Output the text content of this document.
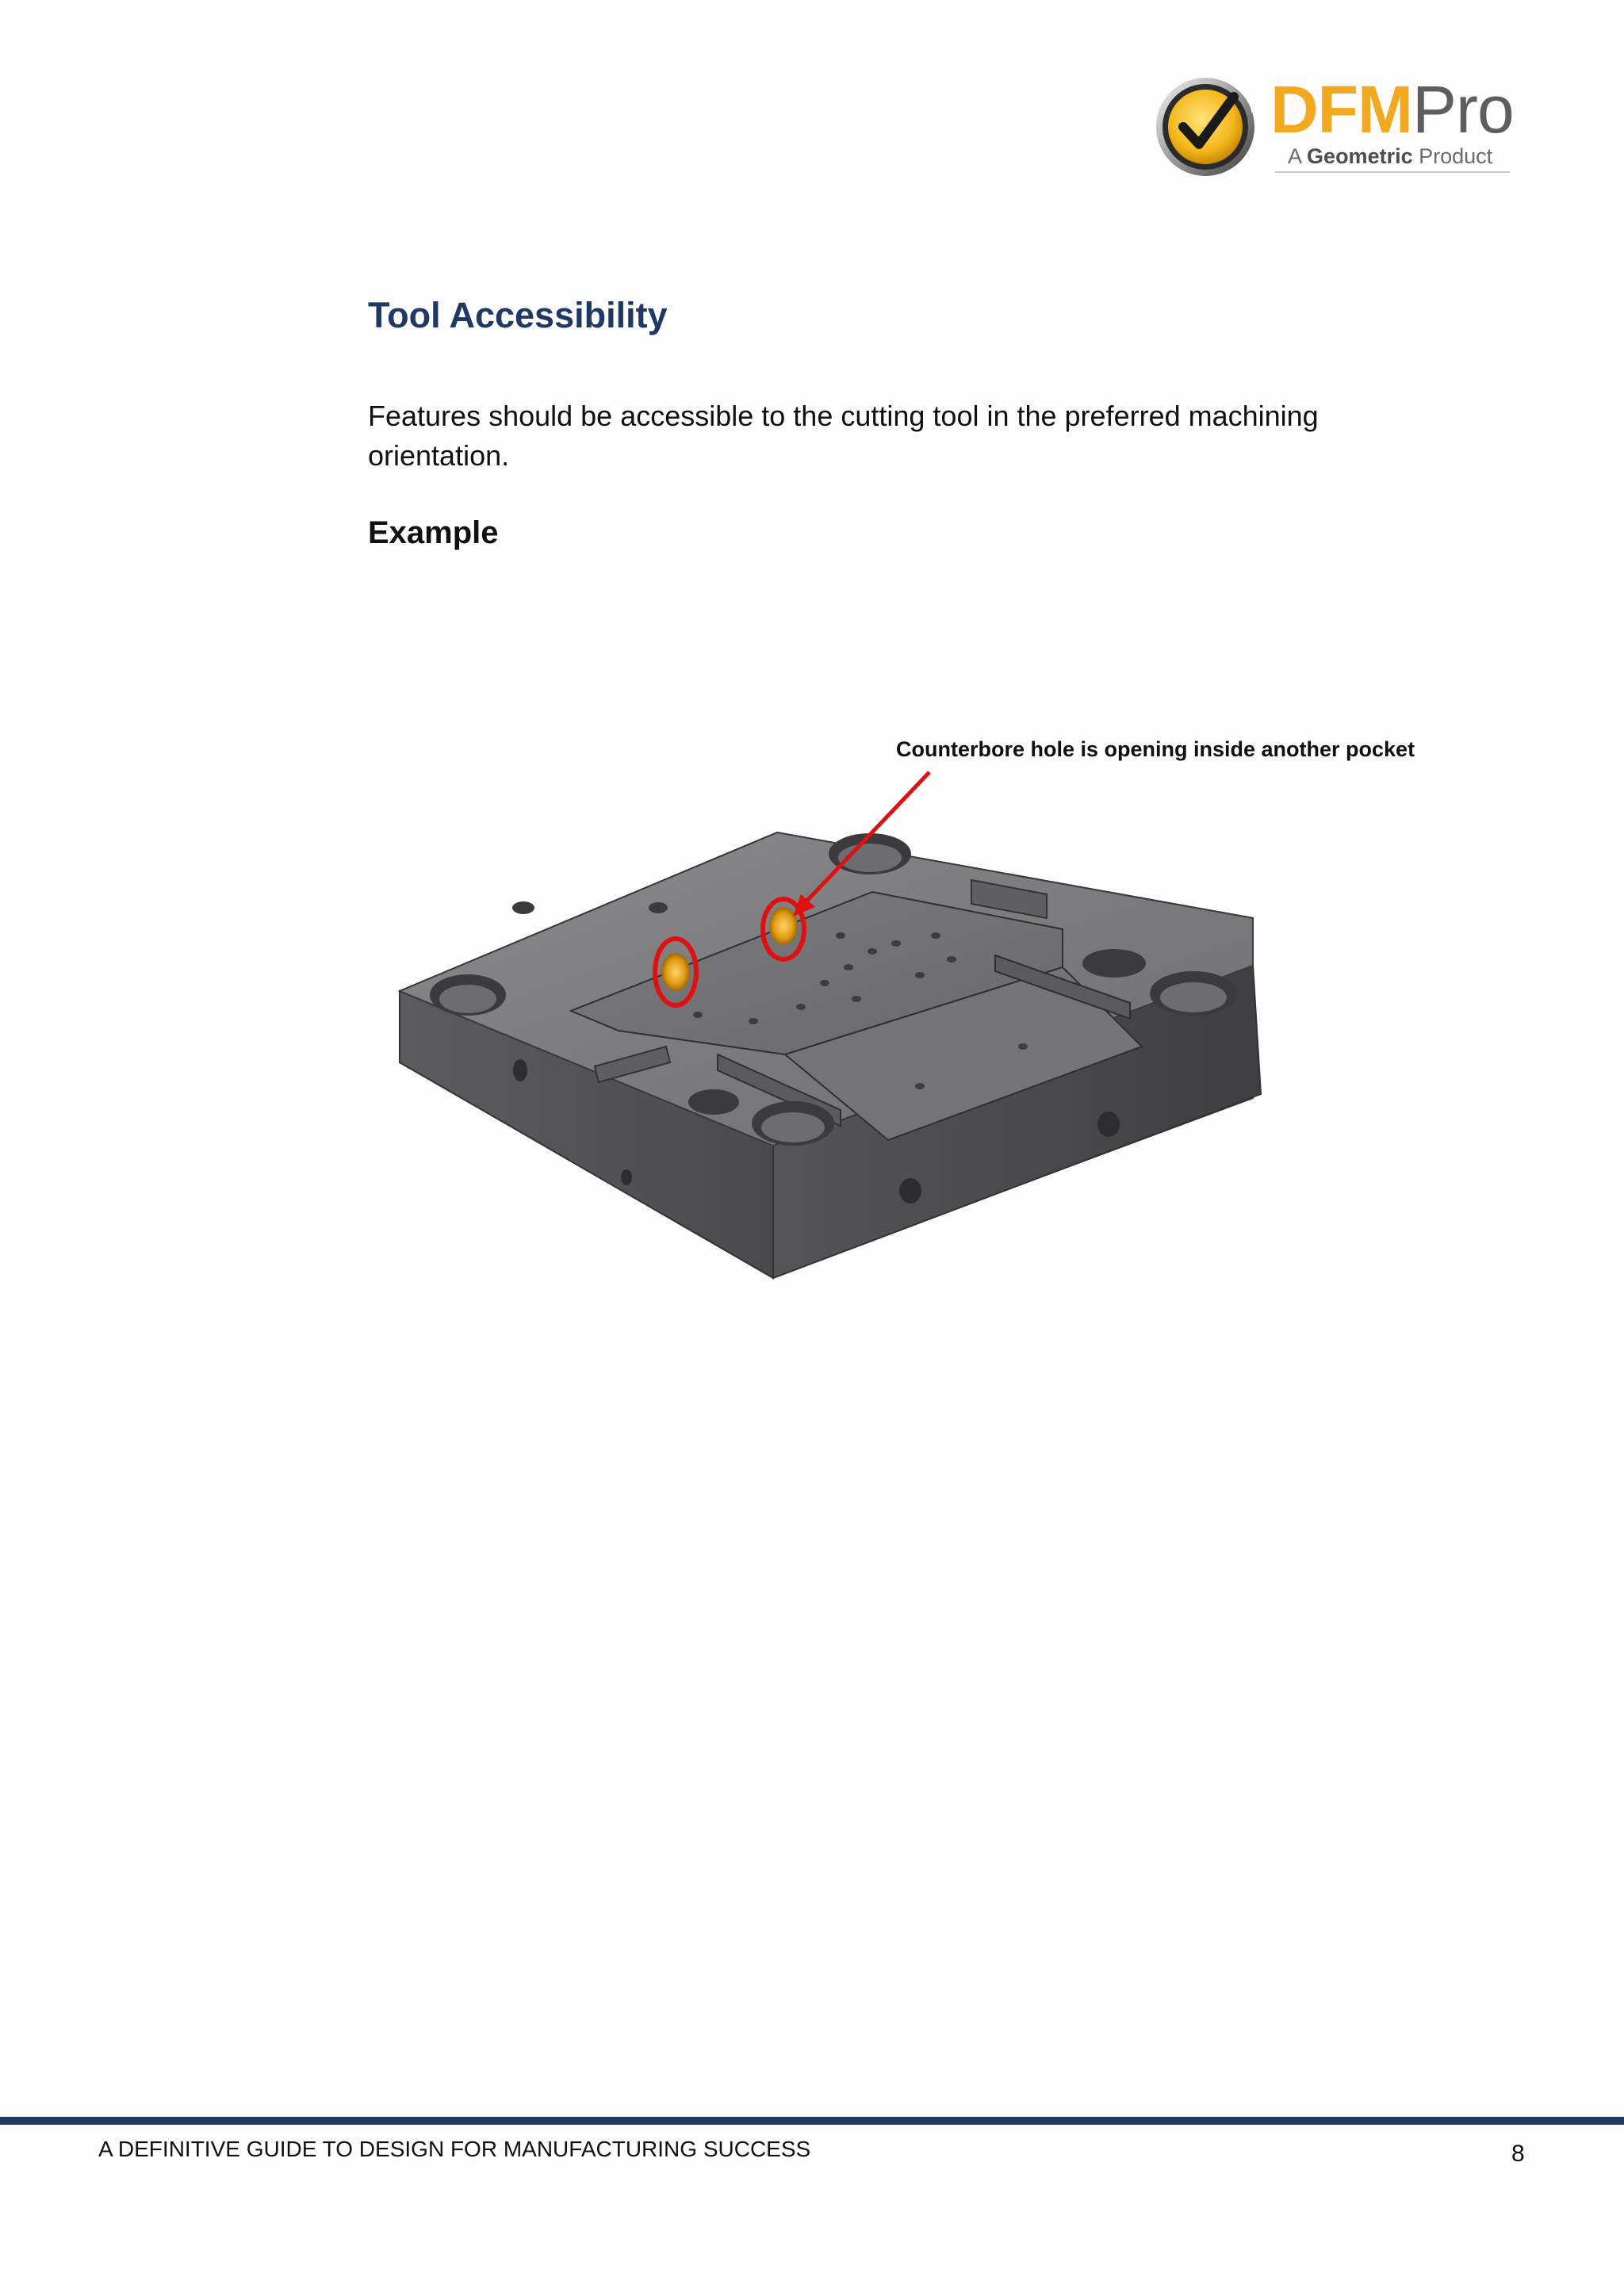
DFMPro
A Geometric Product
Tool Accessibility

Features should be accessible to the cutting tool in the preferred machining orientation.

Example
Counterbore hole is opening inside another pocket
A DEFINITIVE GUIDE TO DESIGN FOR MANUFACTURING SUCCESS	8
